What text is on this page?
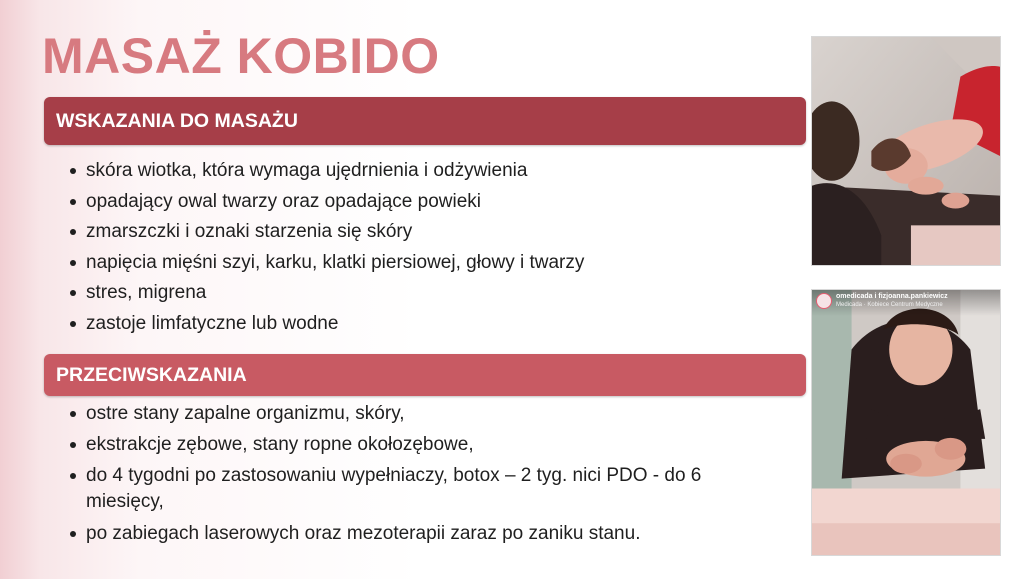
MASAŻ KOBIDO
WSKAZANIA DO MASAŻU
skóra wiotka, która wymaga ujędrnienia i odżywienia
opadający owal twarzy oraz opadające powieki
zmarszczki i oznaki starzenia się skóry
napięcia mięśni szyi, karku, klatki piersiowej, głowy i twarzy
stres, migrena
zastoje limfatyczne lub wodne
PRZECIWSKAZANIA
ostre stany zapalne organizmu, skóry,
ekstrakcje zębowe, stany ropne okołozębowe,
do 4 tygodni po zastosowaniu wypełniaczy, botox – 2 tyg. nici PDO - do 6 miesięcy,
po zabiegach laserowych oraz mezoterapii zaraz po zaniku stanu.
omedicada i fizjoanna.pankiewicz
Medicada · Kobiece Centrum Medyczne
